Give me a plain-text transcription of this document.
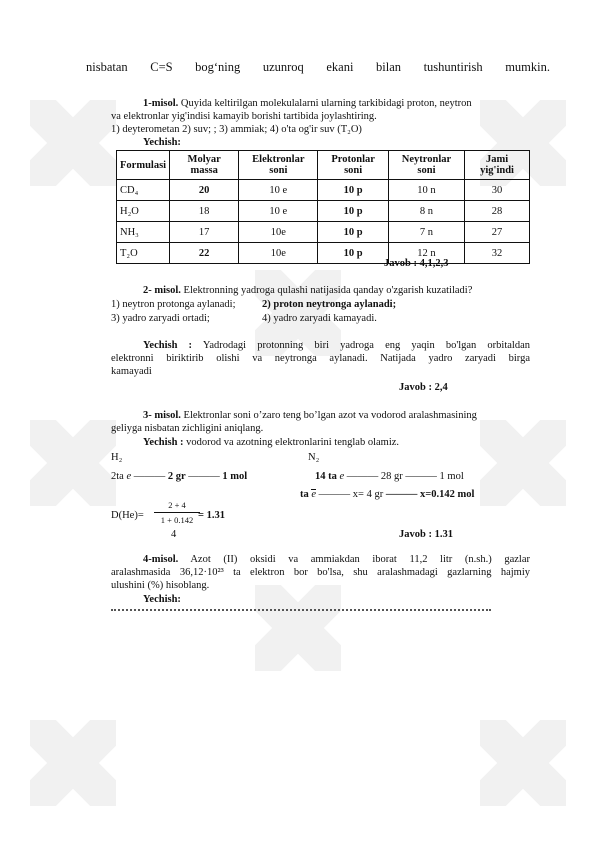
nisbatan C=S bog‘ning uzunroq ekani bilan tushuntirish mumkin.
1-misol. Quyida keltirilgan molekulalarni ularning tarkibidagi proton, neytron
va elektronlar yig'indisi kamayib borishi tartibida joylashtiring.
1) deyterometan 2) suv; ; 3) ammiak; 4) o'ta og'ir suv (T₂O)
Yechish:
Formulasi	Molyar massa	Elektronlar soni	Protonlar soni	Neytronlar soni	Jami yig'indi
CD₄	20	10 e	10 p	10 n	30
H₂O	18	10 e	10 p	8 n	28
NH₃	17	10e	10 p	7 n	27
T₂O	22	10e	10 p	12 n	32
Javob : 4,1,2,3
2- misol. Elektronning yadroga qulashi natijasida qanday o'zgarish kuzatiladi?
1) neytron protonga aylanadi;	2) proton neytronga aylanadi;
3) yadro zaryadi ortadi;	4) yadro zaryadi kamayadi.
Yechish : Yadrodagi protonning biri yadroga eng yaqin bo'lgan orbitaldan
elektronni biriktirib olishi va neytronga aylanadi. Natijada yadro zaryadi birga
kamayadi
Javob : 2,4
3- misol. Elektronlar soni o’zaro teng bo’lgan azot va vodorod aralashmasining
geliyga nisbatan zichligini aniqlang.
Yechish : vodorod va azotning elektronlarini tenglab olamiz.
H₂	N₂
2ta e ——— 2 gr ——— 1 mol	14 ta e ——— 28 gr ——— 1 mol
ta e ——— x= 4 gr ——— x=0.142 mol
D(He)=
2 + 4
1 + 0.142 = 1.31
4	Javob : 1.31
4-misol. Azot (II) oksidi va ammiakdan iborat 11,2 litr (n.sh.) gazlar
aralashmasida 36,12·10²³ ta elektron bor bo'lsa, shu aralashmadagi gazlarning hajmiy
ulushini (%) hisoblang.
Yechish:
